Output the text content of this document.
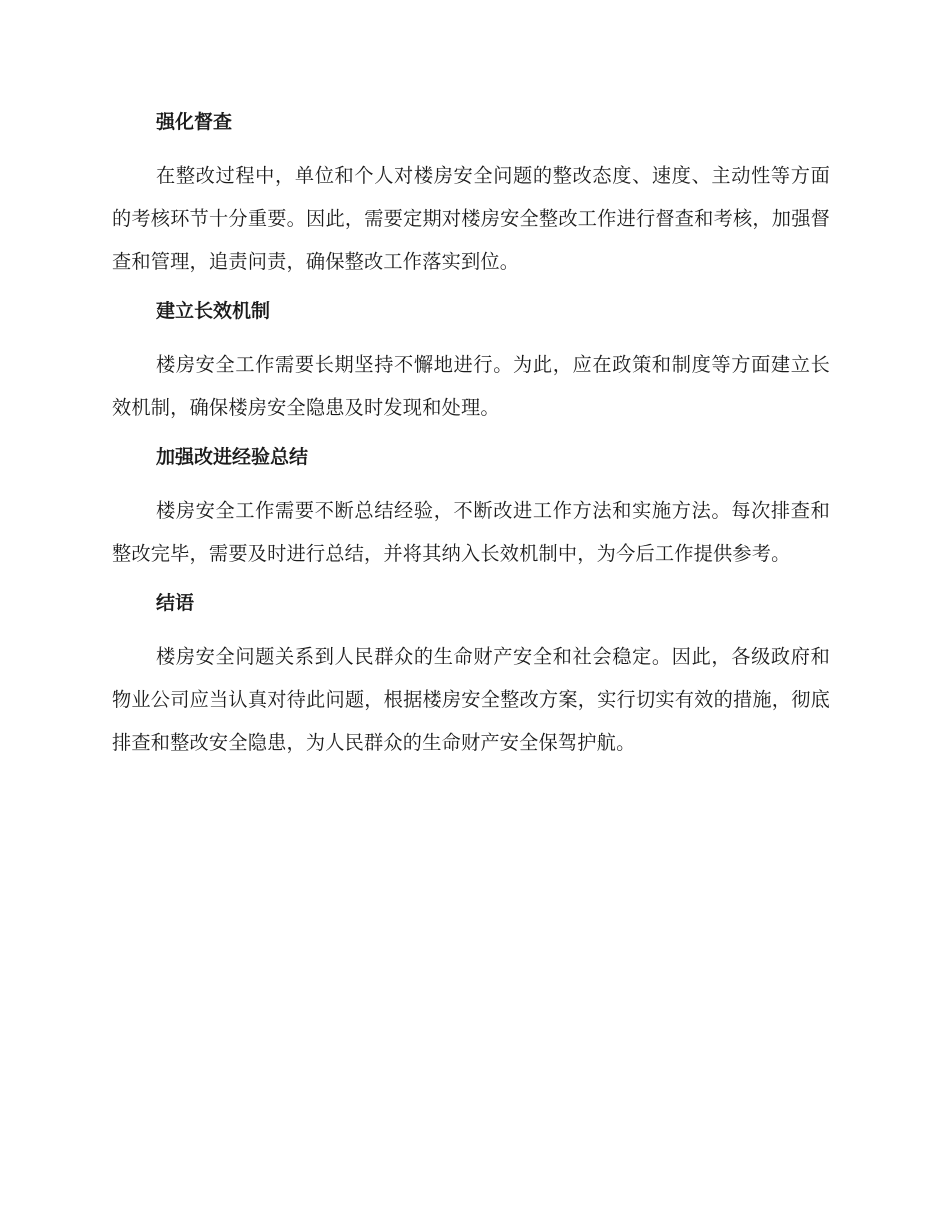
强化督查

在整改过程中，单位和个人对楼房安全问题的整改态度、速度、主动性等方面的考核环节十分重要。因此，需要定期对楼房安全整改工作进行督查和考核，加强督查和管理，追责问责，确保整改工作落实到位。

建立长效机制

楼房安全工作需要长期坚持不懈地进行。为此，应在政策和制度等方面建立长效机制，确保楼房安全隐患及时发现和处理。

加强改进经验总结

楼房安全工作需要不断总结经验，不断改进工作方法和实施方法。每次排查和整改完毕，需要及时进行总结，并将其纳入长效机制中，为今后工作提供参考。

结语

楼房安全问题关系到人民群众的生命财产安全和社会稳定。因此，各级政府和物业公司应当认真对待此问题，根据楼房安全整改方案，实行切实有效的措施，彻底排查和整改安全隐患，为人民群众的生命财产安全保驾护航。
